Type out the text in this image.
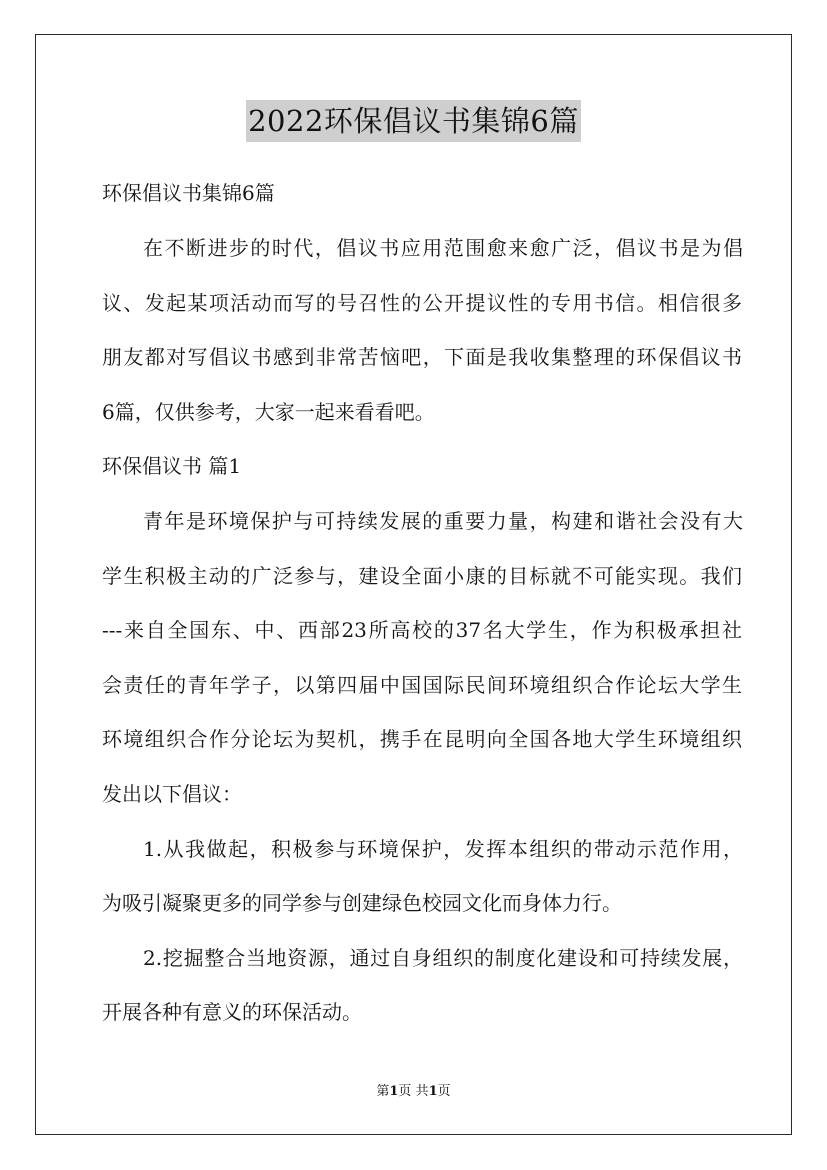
2022环保倡议书集锦6篇
环保倡议书集锦6篇
在不断进步的时代，倡议书应用范围愈来愈广泛，倡议书是为倡
议、发起某项活动而写的号召性的公开提议性的专用书信。相信很多
朋友都对写倡议书感到非常苦恼吧，下面是我收集整理的环保倡议书
6篇，仅供参考，大家一起来看看吧。
环保倡议书 篇1
青年是环境保护与可持续发展的重要力量，构建和谐社会没有大
学生积极主动的广泛参与，建设全面小康的目标就不可能实现。我们
---来自全国东、中、西部23所高校的37名大学生，作为积极承担社
会责任的青年学子，以第四届中国国际民间环境组织合作论坛大学生
环境组织合作分论坛为契机，携手在昆明向全国各地大学生环境组织
发出以下倡议：
1.从我做起，积极参与环境保护，发挥本组织的带动示范作用，
为吸引凝聚更多的同学参与创建绿色校园文化而身体力行。
2.挖掘整合当地资源，通过自身组织的制度化建设和可持续发展，
开展各种有意义的环保活动。
第1页 共1页
